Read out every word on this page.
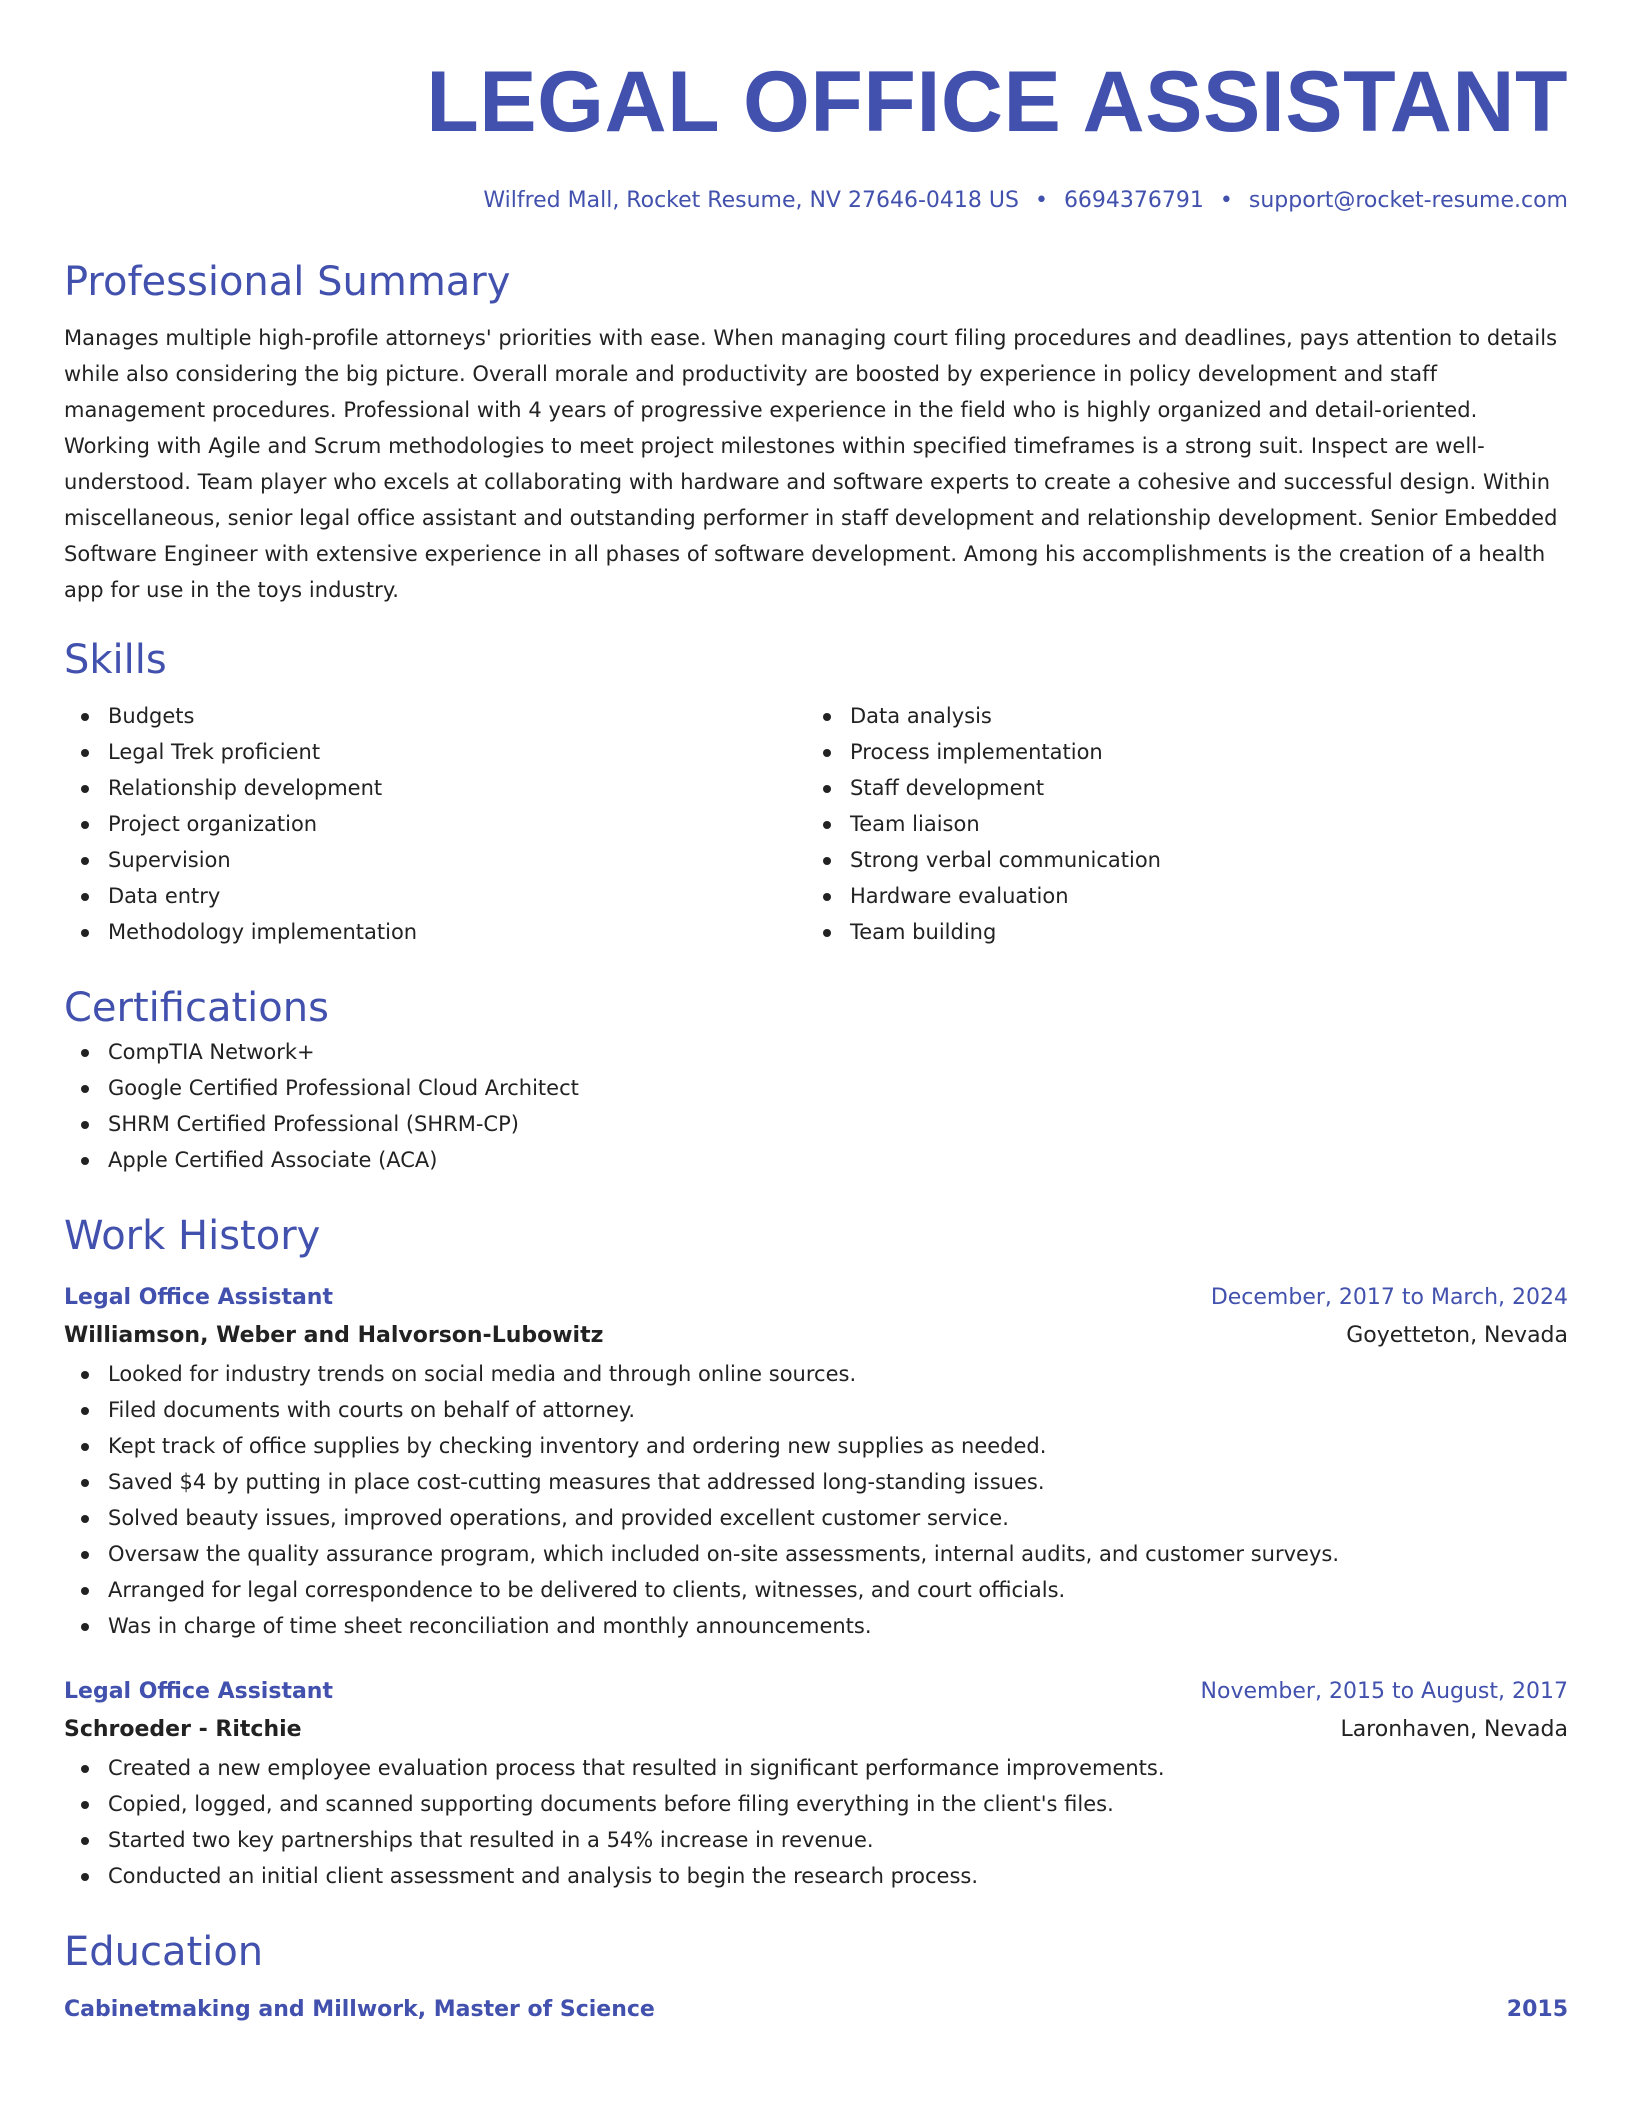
LEGAL OFFICE ASSISTANT
Wilfred Mall, Rocket Resume, NV 27646-0418 US • 6694376791 • support@rocket-resume.com
Professional Summary
Manages multiple high-profile attorneys' priorities with ease. When managing court filing procedures and deadlines, pays attention to details while also considering the big picture. Overall morale and productivity are boosted by experience in policy development and staff management procedures. Professional with 4 years of progressive experience in the field who is highly organized and detail-oriented. Working with Agile and Scrum methodologies to meet project milestones within specified timeframes is a strong suit. Inspect are well-understood. Team player who excels at collaborating with hardware and software experts to create a cohesive and successful design. Within miscellaneous, senior legal office assistant and outstanding performer in staff development and relationship development. Senior Embedded Software Engineer with extensive experience in all phases of software development. Among his accomplishments is the creation of a health app for use in the toys industry.
Skills
Budgets
Legal Trek proficient
Relationship development
Project organization
Supervision
Data entry
Methodology implementation
Data analysis
Process implementation
Staff development
Team liaison
Strong verbal communication
Hardware evaluation
Team building
Certifications
CompTIA Network+
Google Certified Professional Cloud Architect
SHRM Certified Professional (SHRM-CP)
Apple Certified Associate (ACA)
Work History
Legal Office Assistant	December, 2017 to March, 2024
Williamson, Weber and Halvorson-Lubowitz	Goyetteton, Nevada
Looked for industry trends on social media and through online sources.
Filed documents with courts on behalf of attorney.
Kept track of office supplies by checking inventory and ordering new supplies as needed.
Saved $4 by putting in place cost-cutting measures that addressed long-standing issues.
Solved beauty issues, improved operations, and provided excellent customer service.
Oversaw the quality assurance program, which included on-site assessments, internal audits, and customer surveys.
Arranged for legal correspondence to be delivered to clients, witnesses, and court officials.
Was in charge of time sheet reconciliation and monthly announcements.
Legal Office Assistant	November, 2015 to August, 2017
Schroeder - Ritchie	Laronhaven, Nevada
Created a new employee evaluation process that resulted in significant performance improvements.
Copied, logged, and scanned supporting documents before filing everything in the client's files.
Started two key partnerships that resulted in a 54% increase in revenue.
Conducted an initial client assessment and analysis to begin the research process.
Education
Cabinetmaking and Millwork, Master of Science	2015
